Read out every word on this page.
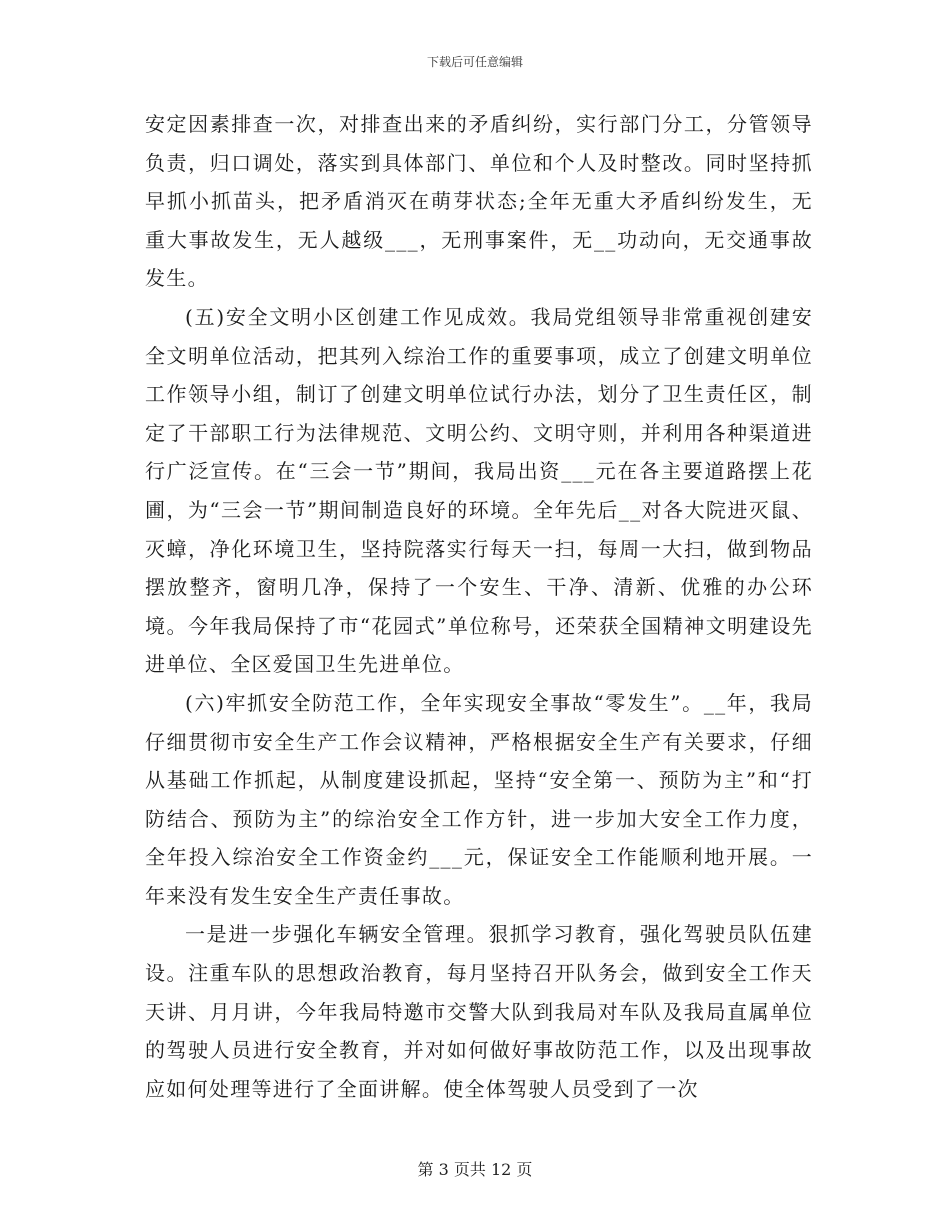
下载后可任意编辑

安定因素排查一次，对排查出来的矛盾纠纷，实行部门分工，分管领导负责，归口调处，落实到具体部门、单位和个人及时整改。同时坚持抓早抓小抓苗头，把矛盾消灭在萌芽状态;全年无重大矛盾纠纷发生，无重大事故发生，无人越级___，无刑事案件，无__功动向，无交通事故发生。

(五)安全文明小区创建工作见成效。我局党组领导非常重视创建安全文明单位活动，把其列入综治工作的重要事项，成立了创建文明单位工作领导小组，制订了创建文明单位试行办法，划分了卫生责任区，制定了干部职工行为法律规范、文明公约、文明守则，并利用各种渠道进行广泛宣传。在“三会一节”期间，我局出资___元在各主要道路摆上花圃，为“三会一节”期间制造良好的环境。全年先后__对各大院进灭鼠、灭蟑，净化环境卫生，坚持院落实行每天一扫，每周一大扫，做到物品摆放整齐，窗明几净，保持了一个安生、干净、清新、优雅的办公环境。今年我局保持了市“花园式”单位称号，还荣获全国精神文明建设先进单位、全区爱国卫生先进单位。

(六)牢抓安全防范工作，全年实现安全事故“零发生”。__年，我局仔细贯彻市安全生产工作会议精神，严格根据安全生产有关要求，仔细从基础工作抓起，从制度建设抓起，坚持“安全第一、预防为主”和“打防结合、预防为主”的综治安全工作方针，进一步加大安全工作力度，全年投入综治安全工作资金约___元，保证安全工作能顺利地开展。一年来没有发生安全生产责任事故。

一是进一步强化车辆安全管理。狠抓学习教育，强化驾驶员队伍建设。注重车队的思想政治教育，每月坚持召开队务会，做到安全工作天天讲、月月讲，今年我局特邀市交警大队到我局对车队及我局直属单位的驾驶人员进行安全教育，并对如何做好事故防范工作，以及出现事故应如何处理等进行了全面讲解。使全体驾驶人员受到了一次

第 3 页共 12 页
